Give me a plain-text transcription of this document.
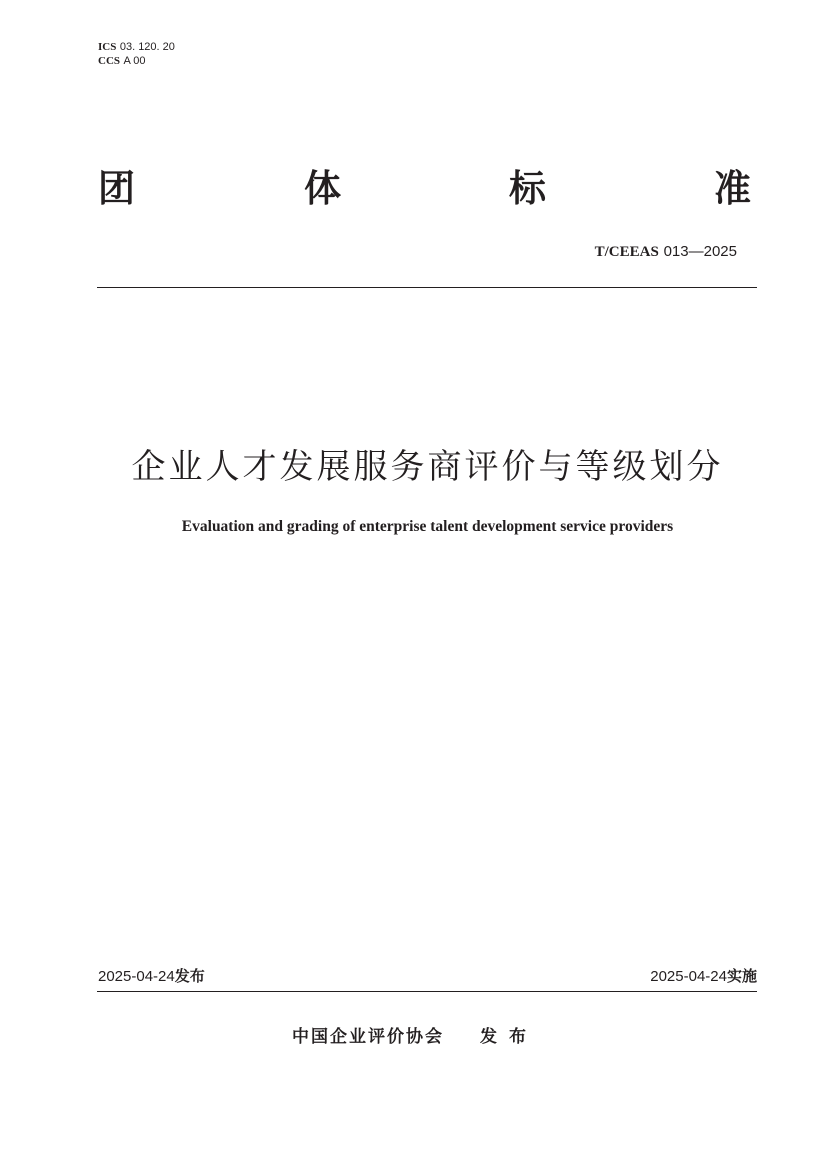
ICS 03. 120. 20
CCS A 00
团	体	标	准
T/CEEAS 013—2025
企业人才发展服务商评价与等级划分
Evaluation and grading of enterprise talent development service providers
2025-04-24发布	2025-04-24实施
中国企业评价协会 发布
